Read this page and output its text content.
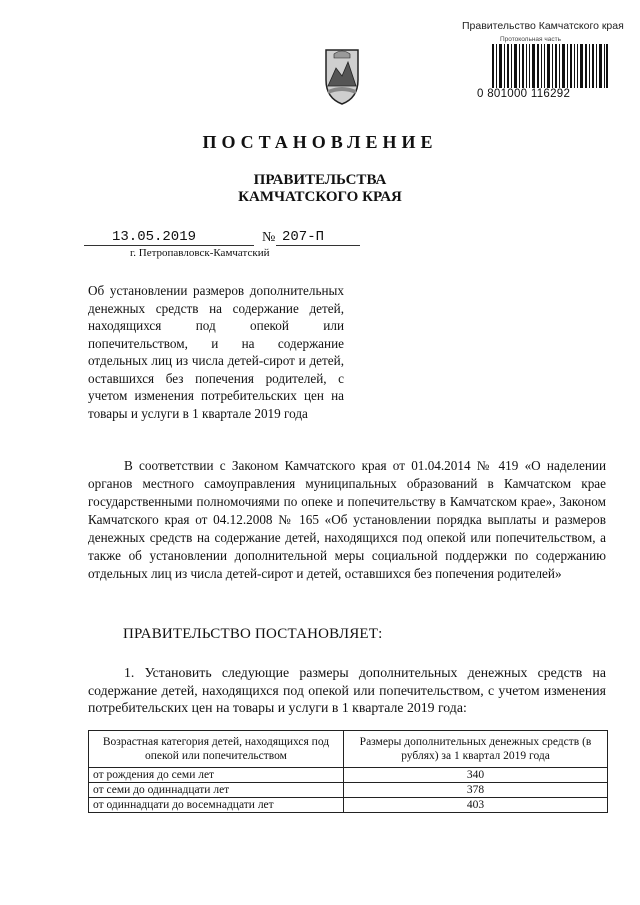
Правительство Камчатского края
Протокольная часть
0 801000 116292
ПОСТАНОВЛЕНИЕ
ПРАВИТЕЛЬСТВА
КАМЧАТСКОГО КРАЯ
13.05.2019	№ 207-П
г. Петропавловск-Камчатский
Об установлении размеров дополнительных денежных средств на содержание детей, находящихся под опекой или попечительством, и на содержание отдельных лиц из числа детей-сирот и детей, оставшихся без попечения родителей, с учетом изменения потребительских цен на товары и услуги в 1 квартале 2019 года
В соответствии с Законом Камчатского края от 01.04.2014 № 419 «О наделении органов местного самоуправления муниципальных образований в Камчатском крае государственными полномочиями по опеке и попечительству в Камчатском крае», Законом Камчатского края от 04.12.2008 № 165 «Об установлении порядка выплаты и размеров денежных средств на содержание детей, находящихся под опекой или попечительством, а также об установлении дополнительной меры социальной поддержки по содержанию отдельных лиц из числа детей-сирот и детей, оставшихся без попечения родителей»
ПРАВИТЕЛЬСТВО ПОСТАНОВЛЯЕТ:
1. Установить следующие размеры дополнительных денежных средств на содержание детей, находящихся под опекой или попечительством, с учетом изменения потребительских цен на товары и услуги в 1 квартале 2019 года:
Возрастная категория детей, находящихся под опекой или попечительством	Размеры дополнительных денежных средств (в рублях) за 1 квартал 2019 года
от рождения до семи лет	340
от семи до одиннадцати лет	378
от одиннадцати до восемнадцати лет	403
